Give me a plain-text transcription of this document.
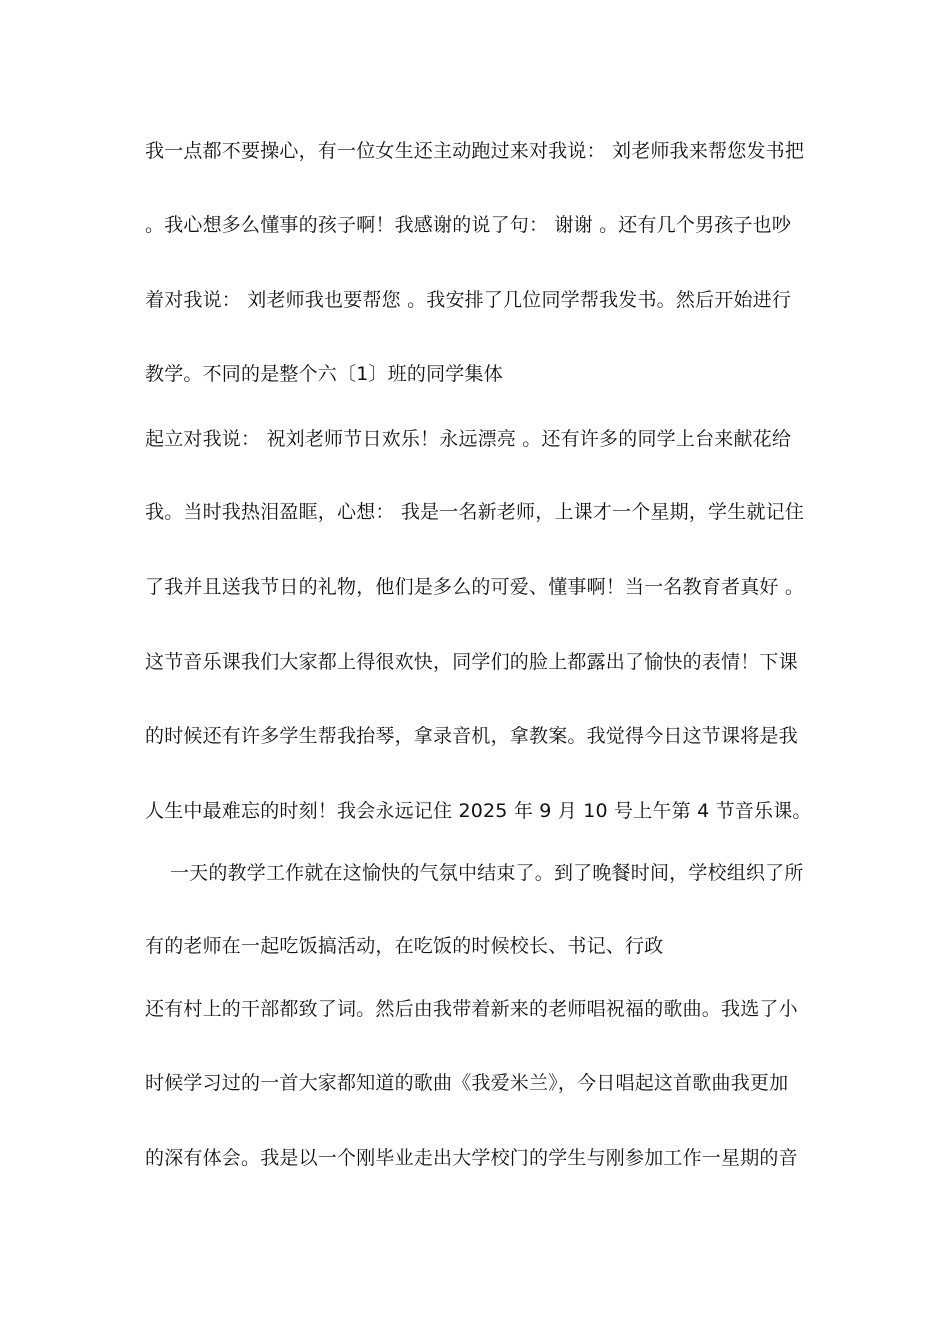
我一点都不要操心，有一位女生还主动跑过来对我说： 刘老师我来帮您发书把

。我心想多么懂事的孩子啊！我感谢的说了句： 谢谢 。还有几个男孩子也吵

着对我说： 刘老师我也要帮您 。我安排了几位同学帮我发书。然后开始进行

教学。不同的是整个六〔1〕班的同学集体

起立对我说： 祝刘老师节日欢乐！永远漂亮 。还有许多的同学上台来献花给

我。当时我热泪盈眶，心想： 我是一名新老师，上课才一个星期，学生就记住

了我并且送我节日的礼物，他们是多么的可爱、懂事啊！当一名教育者真好 。

这节音乐课我们大家都上得很欢快，同学们的脸上都露出了愉快的表情！下课

的时候还有许多学生帮我抬琴，拿录音机，拿教案。我觉得今日这节课将是我

人生中最难忘的时刻！我会永远记住 2025 年 9 月 10 号上午第 4 节音乐课。

一天的教学工作就在这愉快的气氛中结束了。到了晚餐时间，学校组织了所

有的老师在一起吃饭搞活动，在吃饭的时候校长、书记、行政

还有村上的干部都致了词。然后由我带着新来的老师唱祝福的歌曲。我选了小

时候学习过的一首大家都知道的歌曲《我爱米兰》，今日唱起这首歌曲我更加

的深有体会。我是以一个刚毕业走出大学校门的学生与刚参加工作一星期的音
